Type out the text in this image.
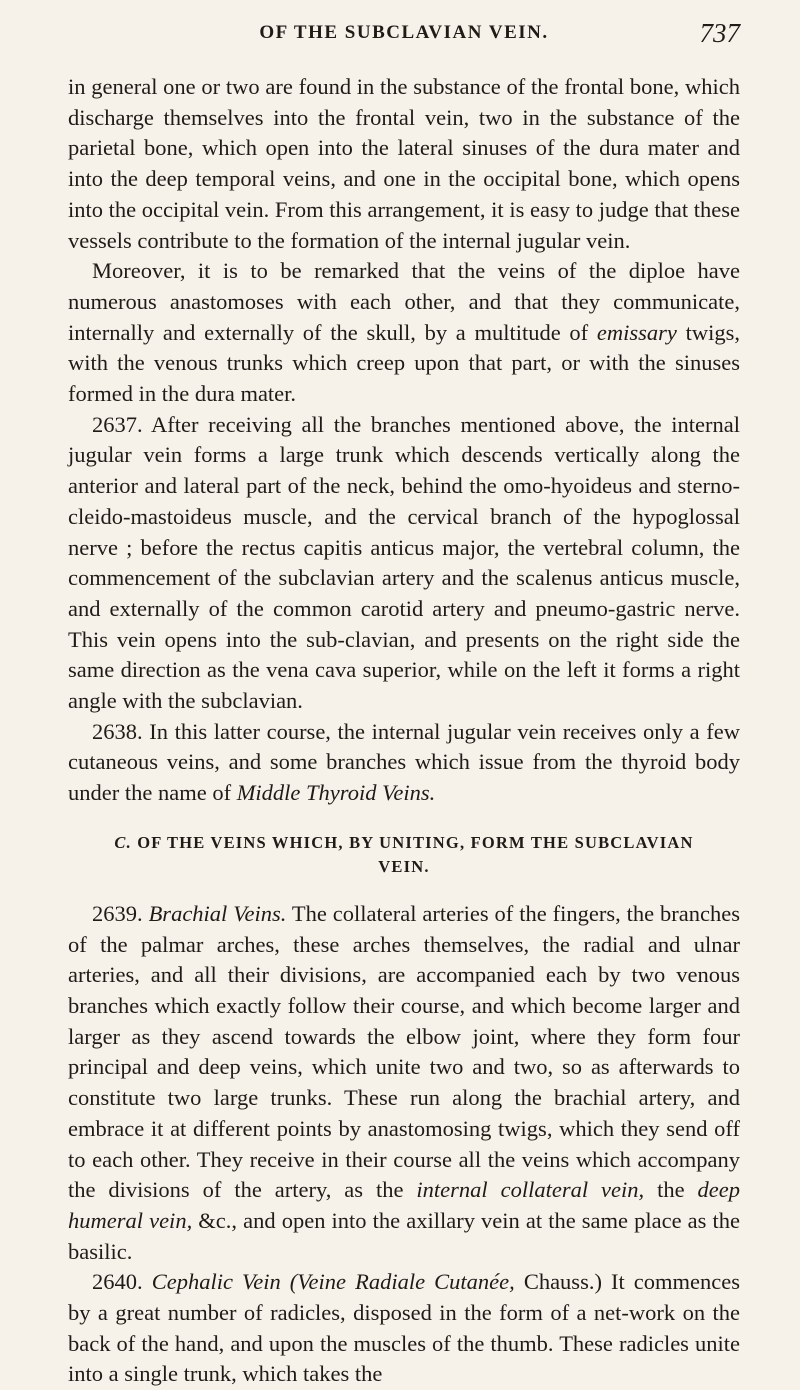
OF THE SUBCLAVIAN VEIN.	737

in general one or two are found in the substance of the frontal bone, which discharge themselves into the frontal vein, two in the substance of the parietal bone, which open into the lateral sinuses of the dura mater and into the deep temporal veins, and one in the occipital bone, which opens into the occipital vein. From this arrangement, it is easy to judge that these vessels contribute to the formation of the internal jugular vein.

Moreover, it is to be remarked that the veins of the diploe have numerous anastomoses with each other, and that they communicate, internally and externally of the skull, by a multitude of emissary twigs, with the venous trunks which creep upon that part, or with the sinuses formed in the dura mater.

2637. After receiving all the branches mentioned above, the internal jugular vein forms a large trunk which descends vertically along the anterior and lateral part of the neck, behind the omo-hyoideus and sterno-cleido-mastoideus muscle, and the cervical branch of the hypoglossal nerve ; before the rectus capitis anticus major, the vertebral column, the commencement of the subclavian artery and the scalenus anticus muscle, and externally of the common carotid artery and pneumo-gastric nerve. This vein opens into the sub-clavian, and presents on the right side the same direction as the vena cava superior, while on the left it forms a right angle with the subclavian.

2638. In this latter course, the internal jugular vein receives only a few cutaneous veins, and some branches which issue from the thyroid body under the name of Middle Thyroid Veins.

C. OF THE VEINS WHICH, BY UNITING, FORM THE SUBCLAVIAN
VEIN.

2639. Brachial Veins. The collateral arteries of the fingers, the branches of the palmar arches, these arches themselves, the radial and ulnar arteries, and all their divisions, are accompanied each by two venous branches which exactly follow their course, and which become larger and larger as they ascend towards the elbow joint, where they form four principal and deep veins, which unite two and two, so as afterwards to constitute two large trunks. These run along the brachial artery, and embrace it at different points by anastomosing twigs, which they send off to each other. They receive in their course all the veins which accompany the divisions of the artery, as the internal collateral vein, the deep humeral vein, &c., and open into the axillary vein at the same place as the basilic.

2640. Cephalic Vein (Veine Radiale Cutanée, Chauss.) It commences by a great number of radicles, disposed in the form of a net-work on the back of the hand, and upon the muscles of the thumb. These radicles unite into a single trunk, which takes the
